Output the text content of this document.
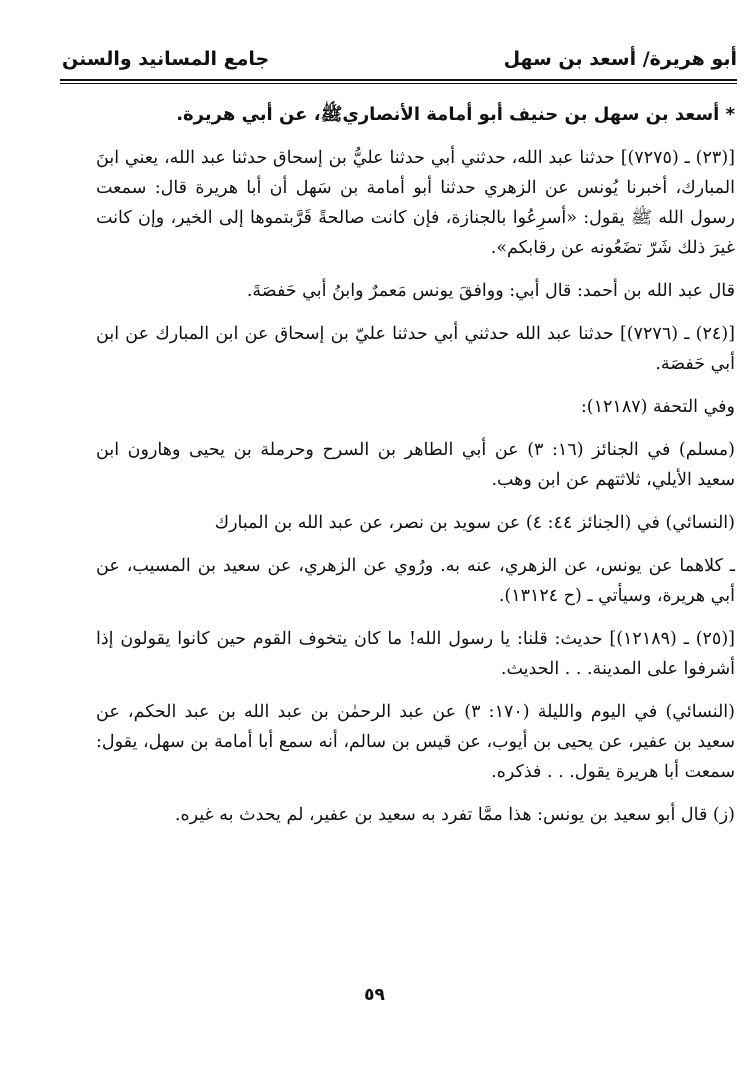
أبو هريرة/ أسعد بن سهل
جامع المسانيد والسنن

* أسعد بن سهل بن حنيف أبو أمامة الأنصاريﷺ، عن أبي هريرة.

[(٢٣) ـ (٧٢٧٥)] حدثنا عبد الله، حدثني أبي حدثنا عليُّ بن إسحاق حدثنا عبد الله، يعني ابنَ المبارك، أخبرنا يُونس عن الزهري حدثنا أبو أمامة بن سَهل أن أبا هريرة قال: سمعت رسول الله ﷺ يقول: «أسرِعُوا بالجنازة، فإن كانت صالحةً قَرَّبتموها إلى الخير، وإن كانت غيرَ ذلك شَرّ تضَعُونه عن رقابكم».

قال عبد الله بن أحمد: قال أبي: ووافقَ يونس مَعمرٌ وابنُ أبي حَفصَةَ.

[(٢٤) ـ (٧٢٧٦)] حدثنا عبد الله حدثني أبي حدثنا عليّ بن إسحاق عن ابن المبارك عن ابن أبي حَفصَة.

وفي التحفة (١٢١٨٧):

(مسلم) في الجنائز (١٦: ٣) عن أبي الطاهر بن السرح وحرملة بن يحيى وهارون ابن سعيد الأيلي، ثلاثتهم عن ابن وهب.

(النسائي) في (الجنائز ٤٤: ٤) عن سويد بن نصر، عن عبد الله بن المبارك

ـ كلاهما عن يونس، عن الزهري، عنه به. ورُوي عن الزهري، عن سعيد بن المسيب، عن أبي هريرة، وسيأتي ـ (ح ١٣١٢٤).

[(٢٥) ـ (١٢١٨٩)] حديث: قلنا: يا رسول الله! ما كان يتخوف القوم حين كانوا يقولون إذا أشرفوا على المدينة. . . الحديث.

(النسائي) في اليوم والليلة (١٧٠: ٣) عن عبد الرحمٰن بن عبد الله بن عبد الحكم، عن سعيد بن عفير، عن يحيى بن أيوب، عن قيس بن سالم، أنه سمع أبا أمامة بن سهل، يقول: سمعت أبا هريرة يقول. . . فذكره.

(ز) قال أبو سعيد بن يونس: هذا ممَّا تفرد به سعيد بن عفير، لم يحدث به غيره.

٥٩
